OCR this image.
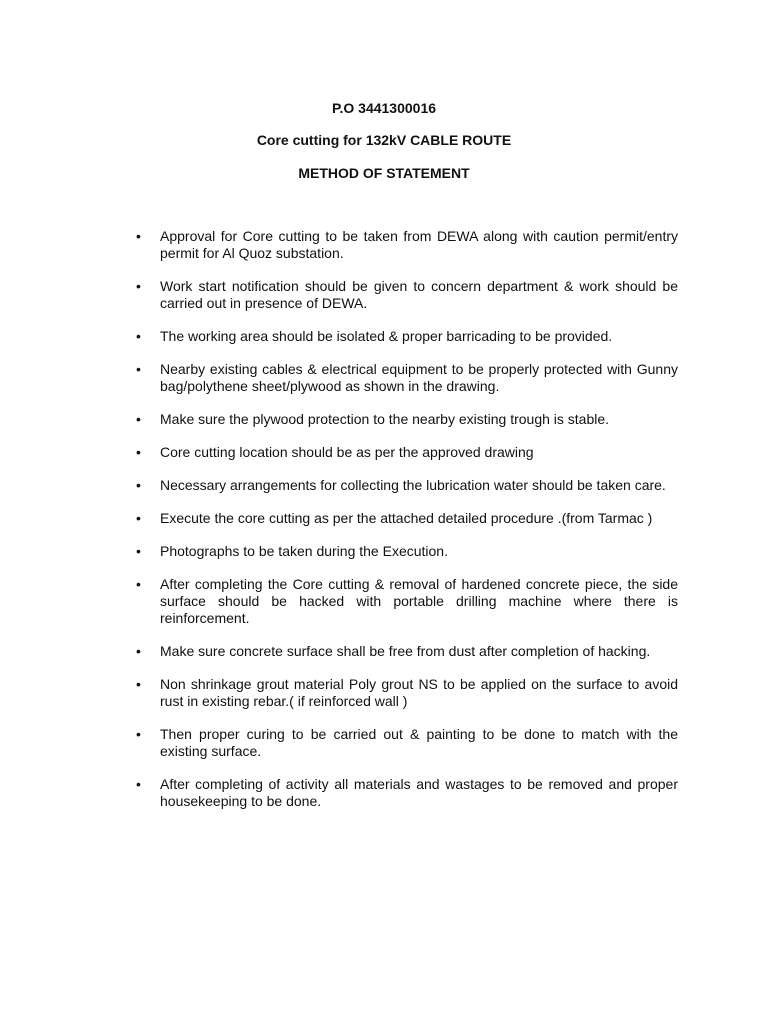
P.O 3441300016

Core cutting for 132kV CABLE ROUTE

METHOD OF STATEMENT

• Approval for Core cutting to be taken from DEWA along with caution permit/entry permit for Al Quoz substation.
• Work start notification should be given to concern department & work should be carried out in presence of DEWA.
• The working area should be isolated & proper barricading to be provided.
• Nearby existing cables & electrical equipment to be properly protected with Gunny bag/polythene sheet/plywood as shown in the drawing.
• Make sure the plywood protection to the nearby existing trough is stable.
• Core cutting location should be as per the approved drawing
• Necessary arrangements for collecting the lubrication water should be taken care.
• Execute the core cutting as per the attached detailed procedure .(from Tarmac )
• Photographs to be taken during the Execution.
• After completing the Core cutting & removal of hardened concrete piece, the side surface should be hacked with portable drilling machine where there is reinforcement.
• Make sure concrete surface shall be free from dust after completion of hacking.
• Non shrinkage grout material Poly grout NS to be applied on the surface to avoid rust in existing rebar.( if reinforced wall )
• Then proper curing to be carried out & painting to be done to match with the existing surface.
• After completing of activity all materials and wastages to be removed and proper housekeeping to be done.
